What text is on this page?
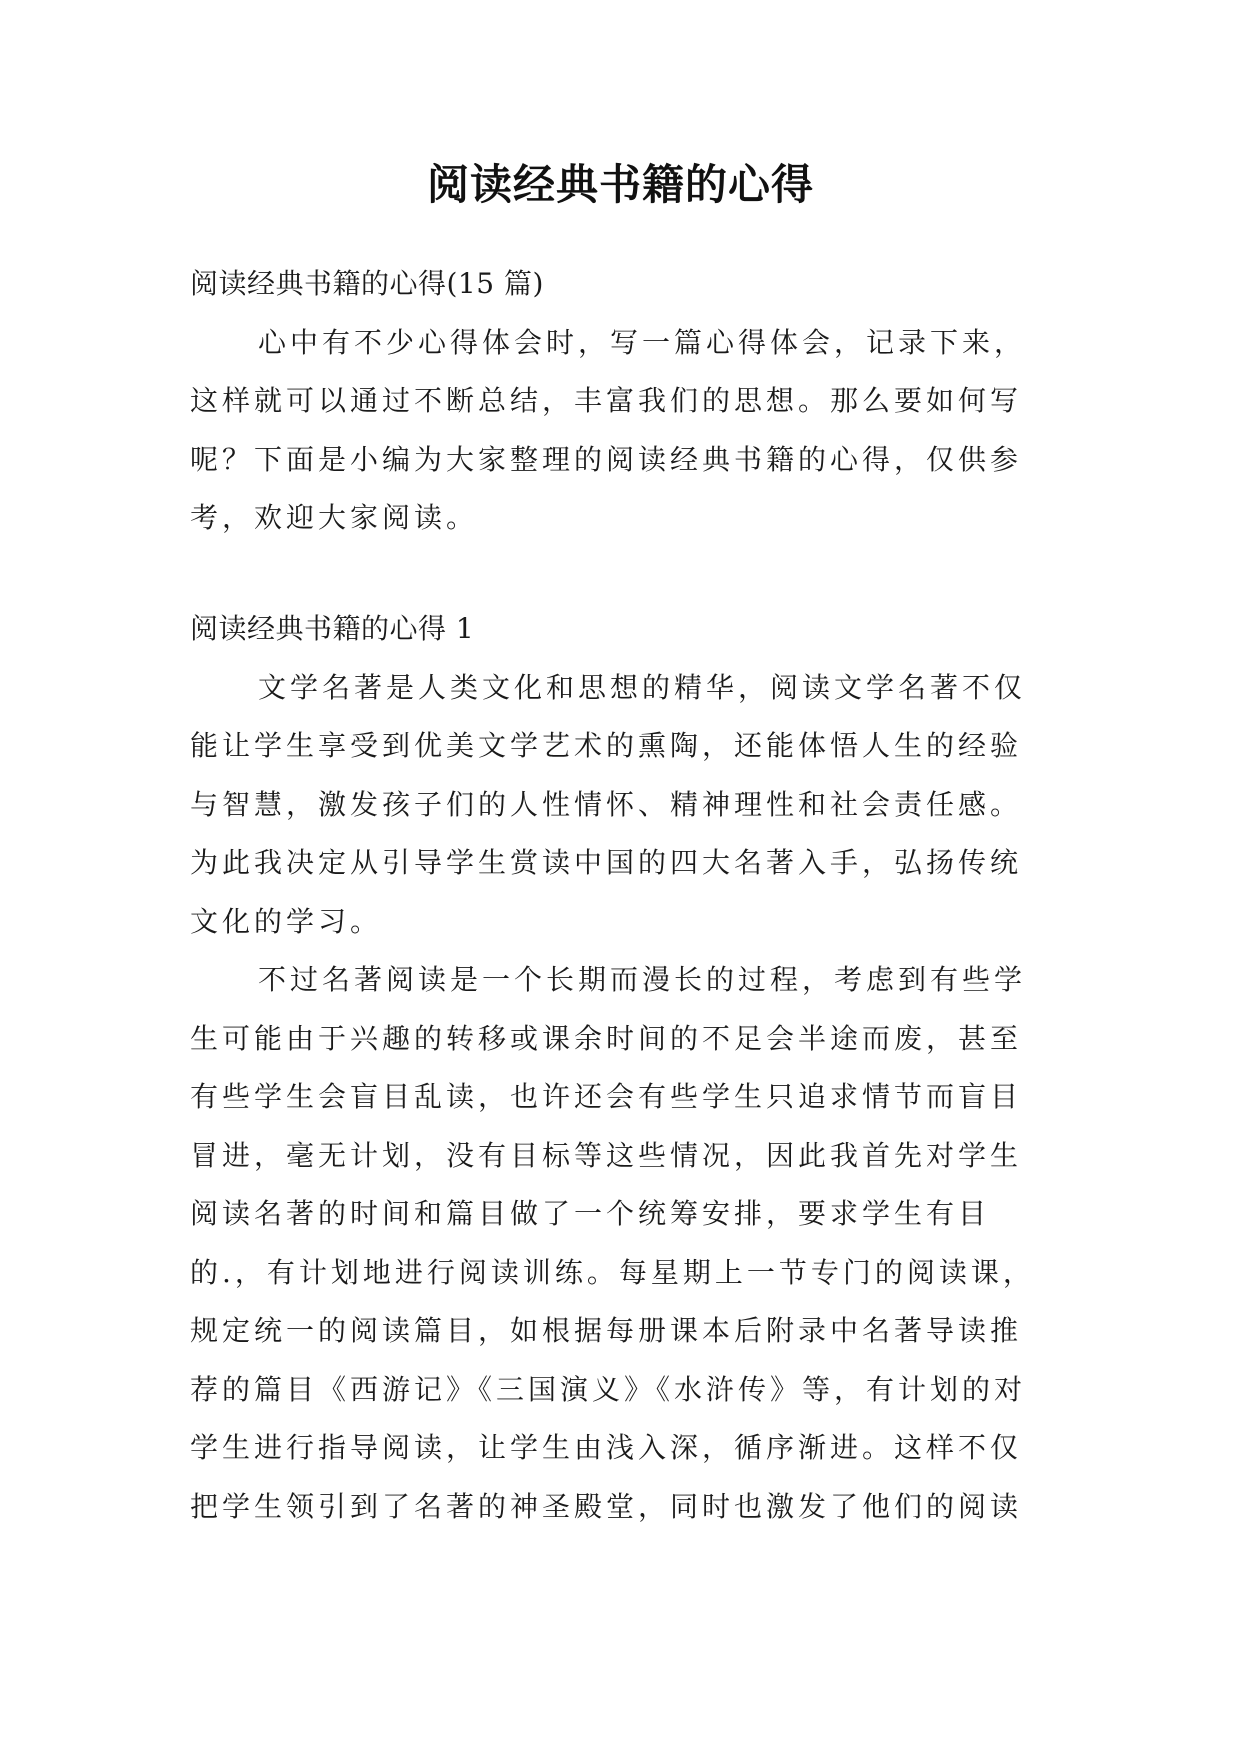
阅读经典书籍的心得
阅读经典书籍的心得(15 篇)
心中有不少心得体会时，写一篇心得体会，记录下来，
这样就可以通过不断总结，丰富我们的思想。那么要如何写
呢？下面是小编为大家整理的阅读经典书籍的心得，仅供参
考，欢迎大家阅读。
阅读经典书籍的心得 1
文学名著是人类文化和思想的精华，阅读文学名著不仅
能让学生享受到优美文学艺术的熏陶，还能体悟人生的经验
与智慧，激发孩子们的人性情怀、精神理性和社会责任感。
为此我决定从引导学生赏读中国的四大名著入手，弘扬传统
文化的学习。
不过名著阅读是一个长期而漫长的过程，考虑到有些学
生可能由于兴趣的转移或课余时间的不足会半途而废，甚至
有些学生会盲目乱读，也许还会有些学生只追求情节而盲目
冒进，毫无计划，没有目标等这些情况，因此我首先对学生
阅读名著的时间和篇目做了一个统筹安排，要求学生有目
的.，有计划地进行阅读训练。每星期上一节专门的阅读课，
规定统一的阅读篇目，如根据每册课本后附录中名著导读推
荐的篇目《西游记》《三国演义》《水浒传》等，有计划的对
学生进行指导阅读，让学生由浅入深，循序渐进。这样不仅
把学生领引到了名著的神圣殿堂，同时也激发了他们的阅读
